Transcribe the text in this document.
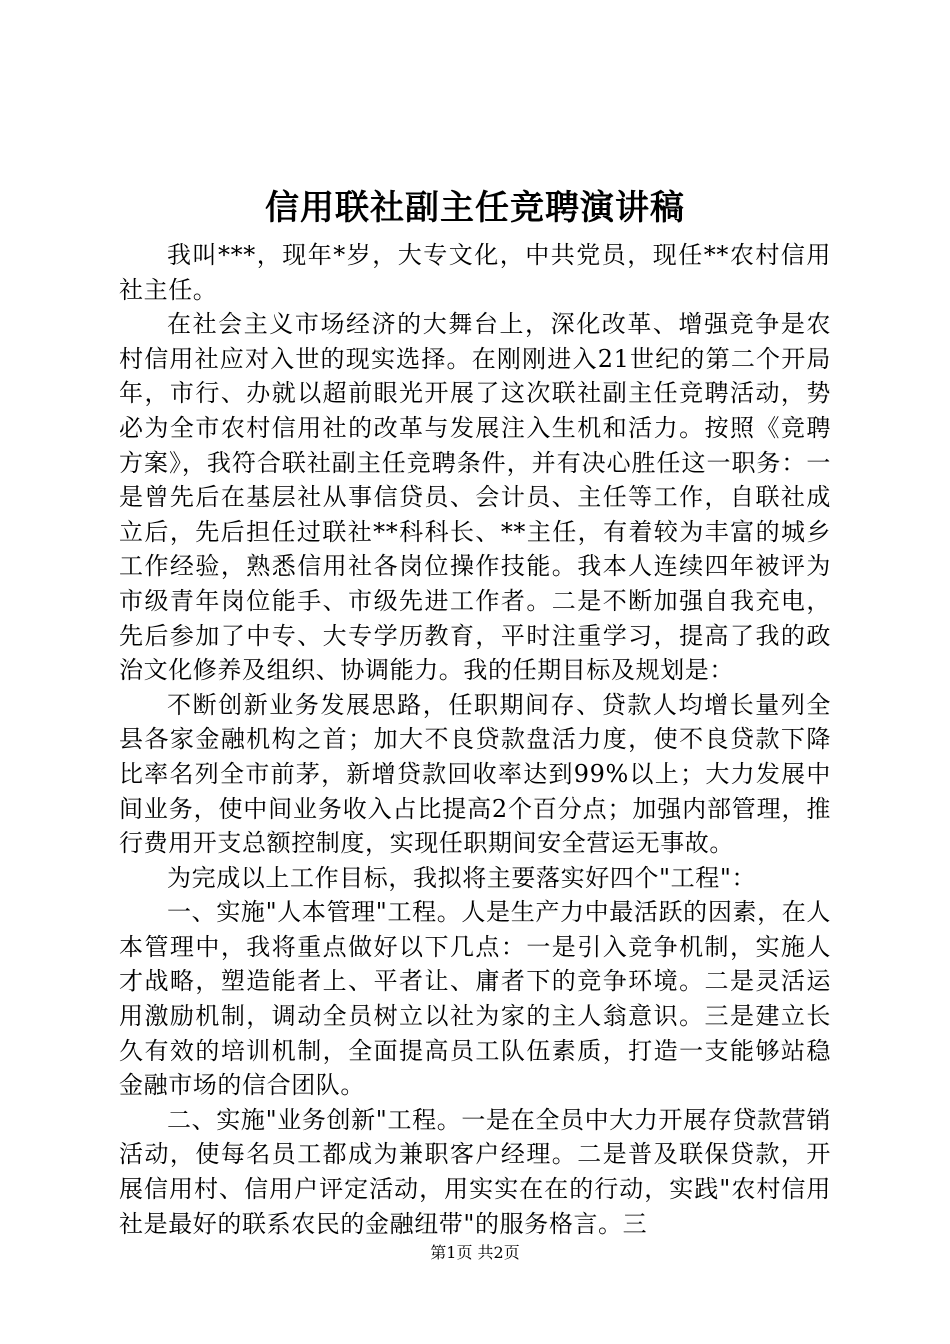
信用联社副主任竞聘演讲稿

我叫***，现年*岁，大专文化，中共党员，现任**农村信用社主任。

在社会主义市场经济的大舞台上，深化改革、增强竞争是农村信用社应对入世的现实选择。在刚刚进入21世纪的第二个开局年，市行、办就以超前眼光开展了这次联社副主任竞聘活动，势必为全市农村信用社的改革与发展注入生机和活力。按照《竞聘方案》，我符合联社副主任竞聘条件，并有决心胜任这一职务：一是曾先后在基层社从事信贷员、会计员、主任等工作，自联社成立后，先后担任过联社**科科长、**主任，有着较为丰富的城乡工作经验，熟悉信用社各岗位操作技能。我本人连续四年被评为市级青年岗位能手、市级先进工作者。二是不断加强自我充电，先后参加了中专、大专学历教育，平时注重学习，提高了我的政治文化修养及组织、协调能力。我的任期目标及规划是：

不断创新业务发展思路，任职期间存、贷款人均增长量列全县各家金融机构之首；加大不良贷款盘活力度，使不良贷款下降比率名列全市前茅，新增贷款回收率达到99%以上；大力发展中间业务，使中间业务收入占比提高2个百分点；加强内部管理，推行费用开支总额控制度，实现任职期间安全营运无事故。

为完成以上工作目标，我拟将主要落实好四个"工程"：

一、实施"人本管理"工程。人是生产力中最活跃的因素，在人本管理中，我将重点做好以下几点：一是引入竞争机制，实施人才战略，塑造能者上、平者让、庸者下的竞争环境。二是灵活运用激励机制，调动全员树立以社为家的主人翁意识。三是建立长久有效的培训机制，全面提高员工队伍素质，打造一支能够站稳金融市场的信合团队。

二、实施"业务创新"工程。一是在全员中大力开展存贷款营销活动，使每名员工都成为兼职客户经理。二是普及联保贷款，开展信用村、信用户评定活动，用实实在在的行动，实践"农村信用社是最好的联系农民的金融纽带"的服务格言。三

第1页 共2页
